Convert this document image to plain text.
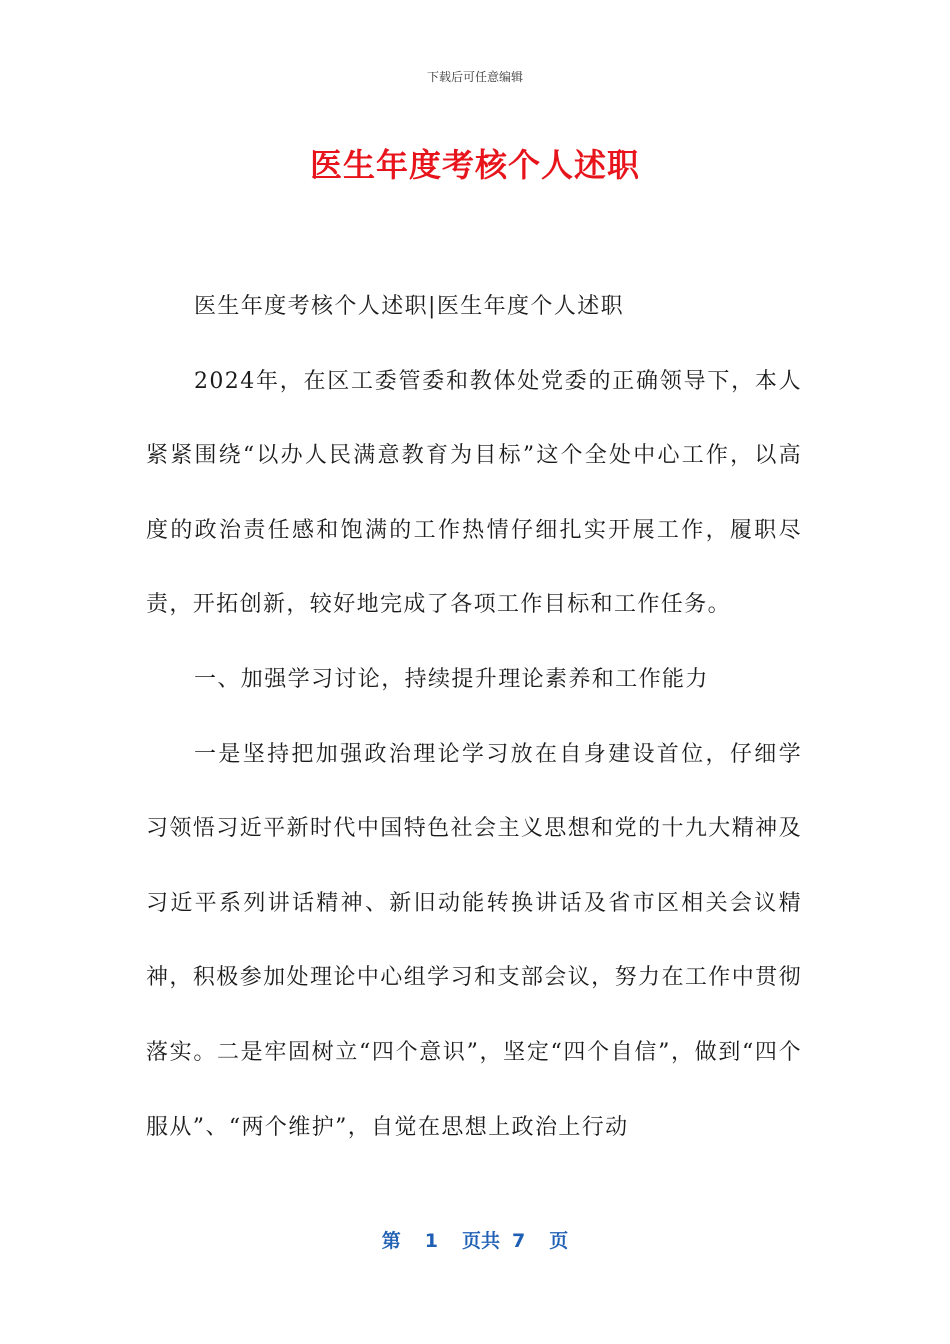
下载后可任意编辑
医生年度考核个人述职

医生年度考核个人述职|医生年度个人述职

2024年，在区工委管委和教体处党委的正确领导下，本人紧紧围绕“以办人民满意教育为目标”这个全处中心工作，以高度的政治责任感和饱满的工作热情仔细扎实开展工作，履职尽责，开拓创新，较好地完成了各项工作目标和工作任务。

一、加强学习讨论，持续提升理论素养和工作能力

一是坚持把加强政治理论学习放在自身建设首位，仔细学习领悟习近平新时代中国特色社会主义思想和党的十九大精神及习近平系列讲话精神、新旧动能转换讲话及省市区相关会议精神，积极参加处理论中心组学习和支部会议，努力在工作中贯彻落实。二是牢固树立“四个意识”，坚定“四个自信”，做到“四个服从”、“两个维护”，自觉在思想上政治上行动

第 1 页共 7 页
